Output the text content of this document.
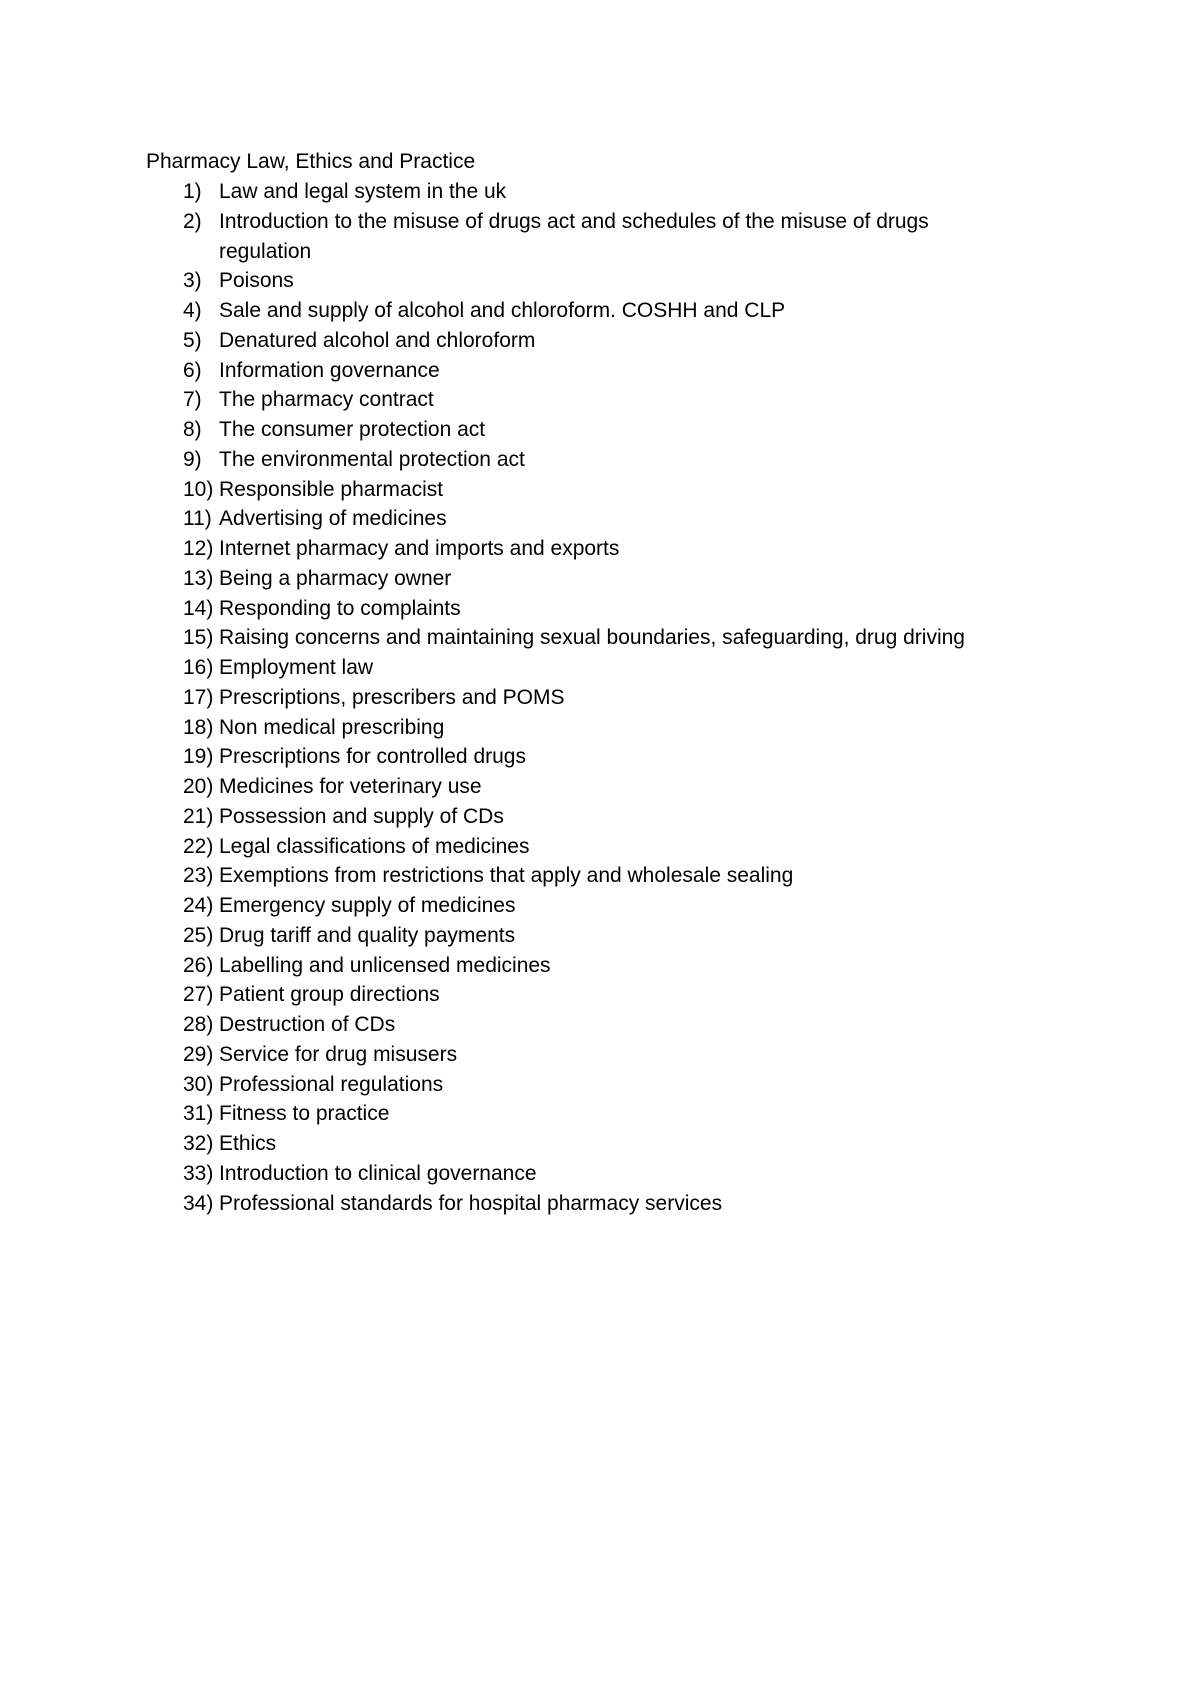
Pharmacy Law, Ethics and Practice
1) Law and legal system in the uk
2) Introduction to the misuse of drugs act and schedules of the misuse of drugs regulation
3) Poisons
4) Sale and supply of alcohol and chloroform. COSHH and CLP
5) Denatured alcohol and chloroform
6) Information governance
7) The pharmacy contract
8) The consumer protection act
9) The environmental protection act
10) Responsible pharmacist
11) Advertising of medicines
12) Internet pharmacy and imports and exports
13) Being a pharmacy owner
14) Responding to complaints
15) Raising concerns and maintaining sexual boundaries, safeguarding, drug driving
16) Employment law
17) Prescriptions, prescribers and POMS
18) Non medical prescribing
19) Prescriptions for controlled drugs
20) Medicines for veterinary use
21) Possession and supply of CDs
22) Legal classifications of medicines
23) Exemptions from restrictions that apply and wholesale sealing
24) Emergency supply of medicines
25) Drug tariff and quality payments
26) Labelling and unlicensed medicines
27) Patient group directions
28) Destruction of CDs
29) Service for drug misusers
30) Professional regulations
31) Fitness to practice
32) Ethics
33) Introduction to clinical governance
34) Professional standards for hospital pharmacy services
